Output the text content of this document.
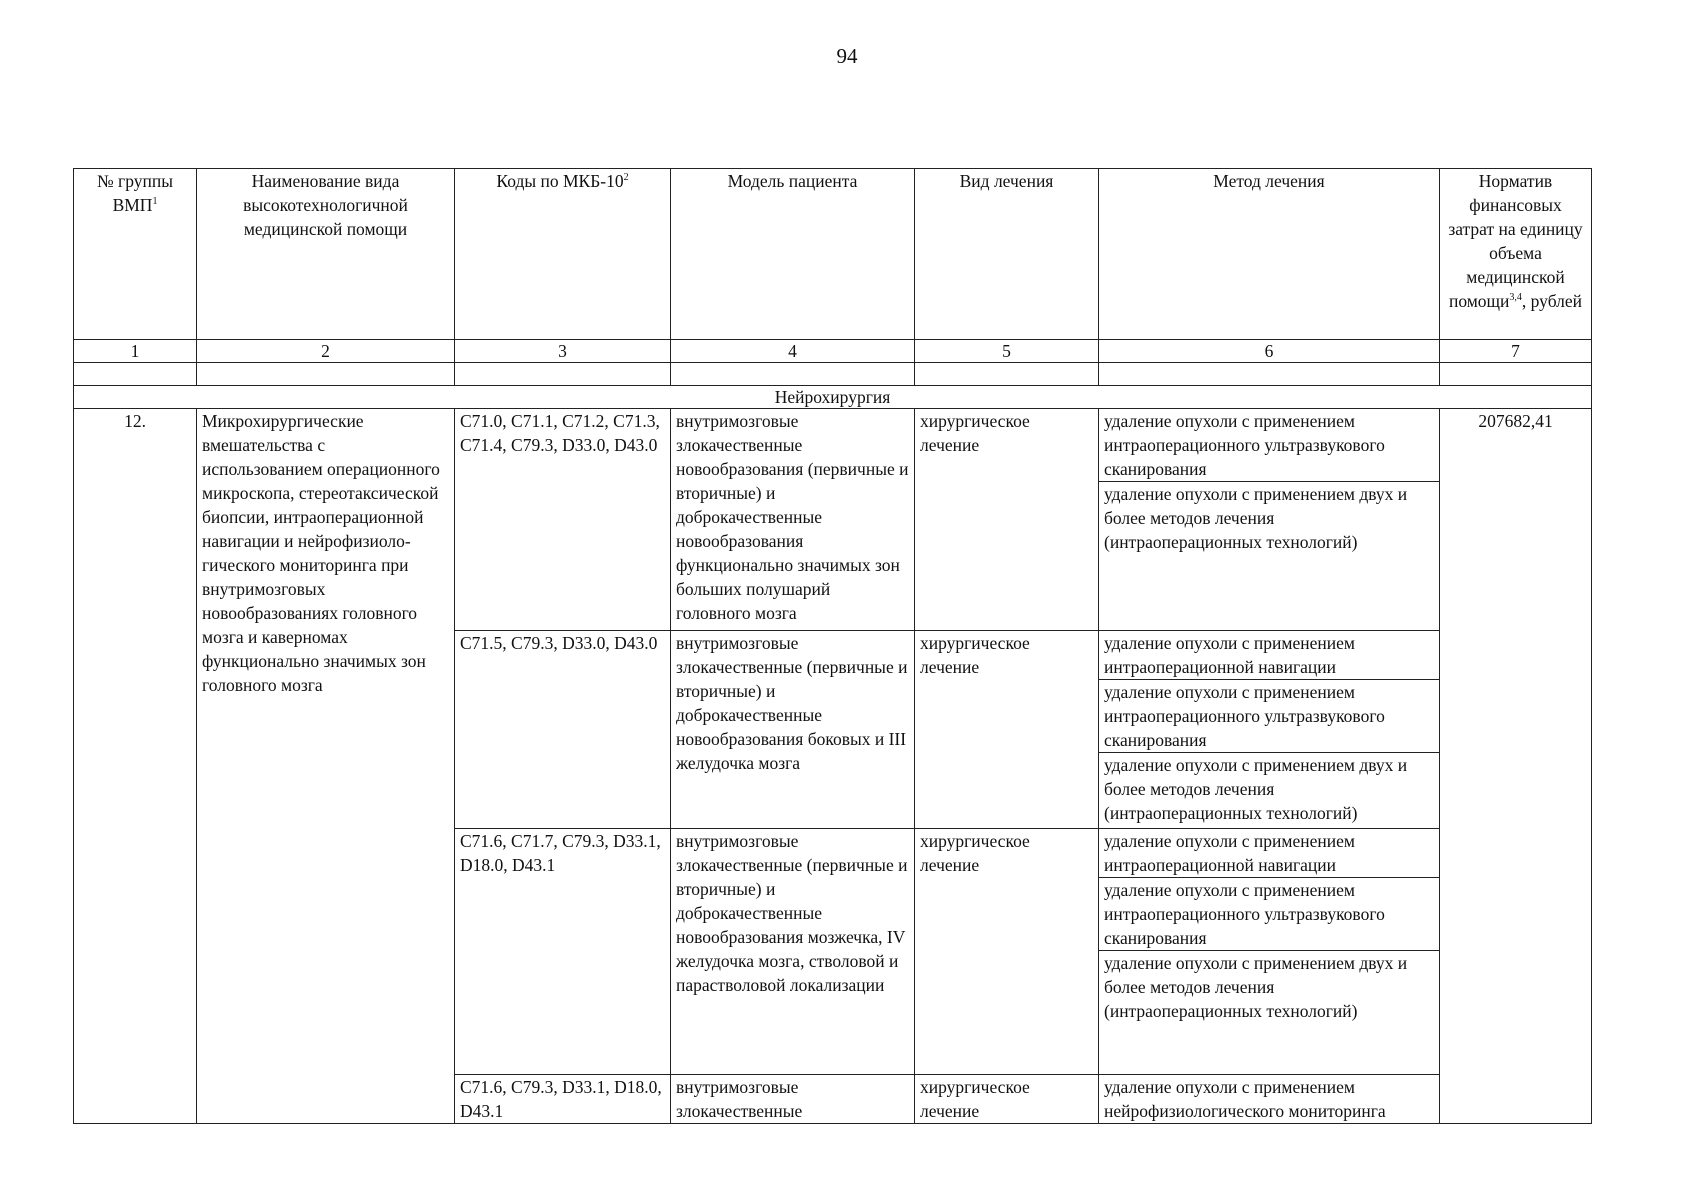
94
№ группы ВМП$^1$	Наименование вида высокотехнологичной медицинской помощи	Коды по МКБ-$10^2$	Модель пациента	Вид лечения	Метод лечения	Норматив финансовых затрат на единицу объема медицинской помощи$^{3,4}$, рублей
1	2	3	4	5	6	7

Нейрохирургия						
12.	Микрохирургические вмешательства с использованием операционного микроскопа, стереотаксической биопсии, интраоперационной навигации и нейрофизиоло-гического мониторинга при внутримозговых новообразованиях головного мозга и каверномах функционально значимых зон головного мозга	C71.0, C71.1, C71.2, C71.3, C71.4, C79.3, D33.0, D43.0	внутримозговые злокачественные новообразования (первичные и вторичные) и доброкачественные новообразования функционально значимых зон больших полушарий головного мозга	хирургическое лечение	удаление опухоли с применением интраоперационного ультразвукового сканирования
удаление опухоли с применением двух и более методов лечения (интраоперационных технологий)	207682,41
		C71.5, C79.3, D33.0, D43.0	внутримозговые злокачественные (первичные и вторичные) и доброкачественные новообразования боковых и III желудочка мозга	хирургическое лечение	удаление опухоли с применением интраоперационной навигации
удаление опухоли с применением интраоперационного ультразвукового сканирования
удаление опухоли с применением двух и более методов лечения (интраоперационных технологий)	

		C71.6, C71.7, C79.3, D33.1, D18.0, D43.1	внутримозговые злокачественные (первичные и вторичные) и доброкачественные новообразования мозжечка, IV желудочка мозга, стволовой и парастволовой локализации	хирургическое лечение	удаление опухоли с применением интраоперационной навигации
удаление опухоли с применением интраоперационного ультразвукового сканирования
удаление опухоли с применением двух и более методов лечения (интраоперационных технологий)	

		C71.6, C79.3, D33.1, D18.0, D43.1	внутримозговые злокачественные	хирургическое лечение	удаление опухоли с применением нейрофизиологического мониторинга	
